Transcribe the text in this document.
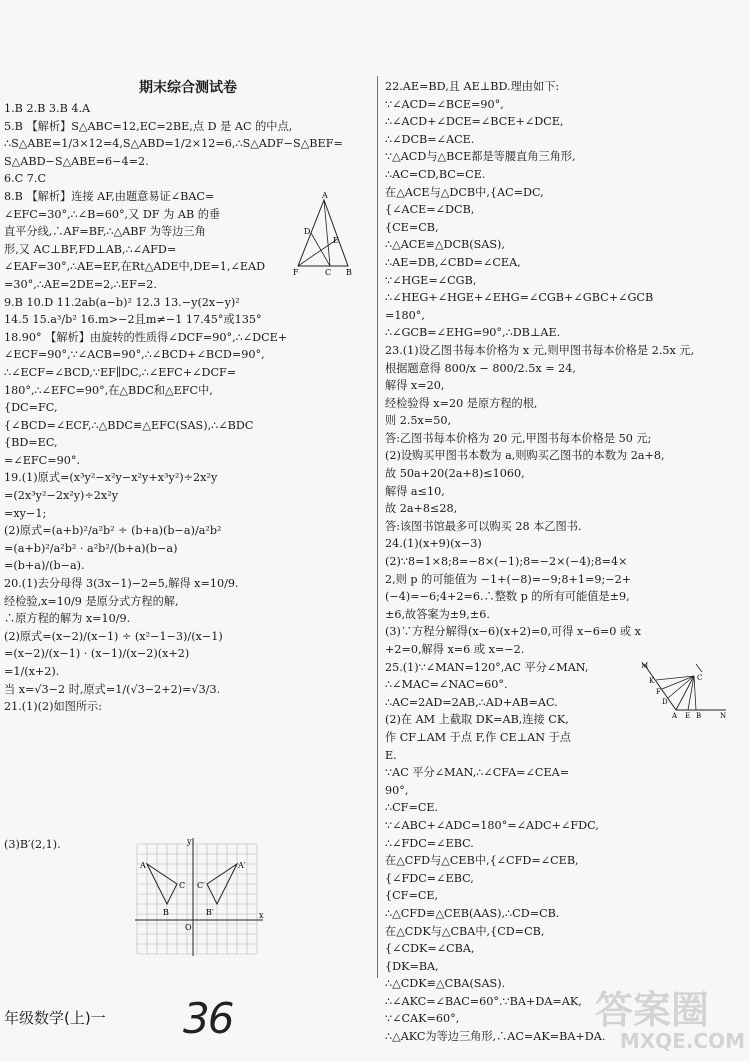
期末综合测试卷
1.B 2.B 3.B 4.A
5.B 【解析】S△ABC=12,EC=2BE,点 D 是 AC 的中点,
∴S△ABE=1/3×12=4,S△ABD=1/2×12=6,∴S△ADF−S△BEF=
S△ABD−S△ABE=6−4=2.
6.C 7.C
8.B 【解析】连接 AF,由题意易证∠BAC=
∠EFC=30°,∴∠B=60°,又 DF 为 AB 的垂
直平分线,∴AF=BF,∴△ABF 为等边三角
形,又 AC⊥BF,FD⊥AB,∴∠AFD=
∠EAF=30°,∴AE=EF,在Rt△ADE中,DE=1,∠EAD
=30°,∴AE=2DE=2,∴EF=2.
9.B 10.D 11.2ab(a−b)² 12.3 13.−y(2x−y)²
14.5 15.a³/b² 16.m>−2且m≠−1 17.45°或135°
18.90° 【解析】由旋转的性质得∠DCF=90°,∴∠DCE+
∠ECF=90°,∵∠ACB=90°,∴∠BCD+∠BCD=90°,
∴∠ECF=∠BCD,∵EF∥DC,∴∠EFC+∠DCF=
180°,∴∠EFC=90°,在△BDC和△EFC中,
{DC=FC,
{∠BCD=∠ECF,∴△BDC≌△EFC(SAS),∴∠BDC
{BD=EC,
=∠EFC=90°.
19.(1)原式=(x³y²−x²y−x²y+x³y²)÷2x²y
=(2x³y²−2x²y)÷2x²y
=xy−1;
(2)原式=(a+b)²/a²b² ÷ (b+a)(b−a)/a²b²
=(a+b)²/a²b² · a²b²/(b+a)(b−a)
=(b+a)/(b−a).
20.(1)去分母得 3(3x−1)−2=5,解得 x=10/9.
经检验,x=10/9 是原分式方程的解,
∴原方程的解为 x=10/9.
(2)原式=(x−2)/(x−1) ÷ (x²−1−3)/(x−1)
=(x−2)/(x−1) · (x−1)/(x−2)(x+2)
=1/(x+2).
当 x=√3−2 时,原式=1/(√3−2+2)=√3/3.
21.(1)(2)如图所示:
(3)B′(2,1).
22.AE=BD,且 AE⊥BD.理由如下:
∵∠ACD=∠BCE=90°,
∴∠ACD+∠DCE=∠BCE+∠DCE,
∴∠DCB=∠ACE.
∵△ACD与△BCE都是等腰直角三角形,
∴AC=CD,BC=CE.
在△ACE与△DCB中,{AC=DC,
{∠ACE=∠DCB,
{CE=CB,
∴△ACE≌△DCB(SAS),
∴AE=DB,∠CBD=∠CEA,
∵∠HGE=∠CGB,
∴∠HEG+∠HGE+∠EHG=∠CGB+∠GBC+∠GCB
=180°,
∴∠GCB=∠EHG=90°,∴DB⊥AE.
23.(1)设乙图书每本价格为 x 元,则甲图书每本价格是 2.5x 元,
根据题意得 800/x − 800/2.5x = 24,
解得 x=20,
经检验得 x=20 是原方程的根,
则 2.5x=50,
答:乙图书每本价格为 20 元,甲图书每本价格是 50 元;
(2)设购买甲图书本数为 a,则购买乙图书的本数为 2a+8,
故 50a+20(2a+8)≤1060,
解得 a≤10,
故 2a+8≤28,
答:该图书馆最多可以购买 28 本乙图书.
24.(1)(x+9)(x−3)
(2)∵8=1×8;8=−8×(−1);8=−2×(−4);8=4×
2,则 p 的可能值为 −1+(−8)=−9;8+1=9;−2+
(−4)=−6;4+2=6.∴整数 p 的所有可能值是±9,
±6,故答案为±9,±6.
(3)∵方程分解得(x−6)(x+2)=0,可得 x−6=0 或 x
+2=0,解得 x=6 或 x=−2.
25.(1)∵∠MAN=120°,AC 平分∠MAN,
∴∠MAC=∠NAC=60°.
∴AC=2AD=2AB,∴AD+AB=AC.
(2)在 AM 上截取 DK=AB,连接 CK,
作 CF⊥AM 于点 F,作 CE⊥AN 于点
E.
∵AC 平分∠MAN,∴∠CFA=∠CEA=
90°,
∴CF=CE.
∵∠ABC+∠ADC=180°=∠ADC+∠FDC,
∴∠FDC=∠EBC.
在△CFD与△CEB中,{∠CFD=∠CEB,
{∠FDC=∠EBC,
{CF=CE,
∴△CFD≌△CEB(AAS),∴CD=CB.
在△CDK与△CBA中,{CD=CB,
{∠CDK=∠CBA,
{DK=BA,
∴△CDK≌△CBA(SAS).
∴∠AKC=∠BAC=60°.∵BA+DA=AK,
∵∠CAK=60°,
∴△AKC为等边三角形,∴AC=AK=BA+DA.
A
E
D
F	C B
A
B
C
A′
B′
C′
O
x
y
M
K
F
D
A
C
E B	N
年级数学(上)一 36	答案圈
MXQE.COM
